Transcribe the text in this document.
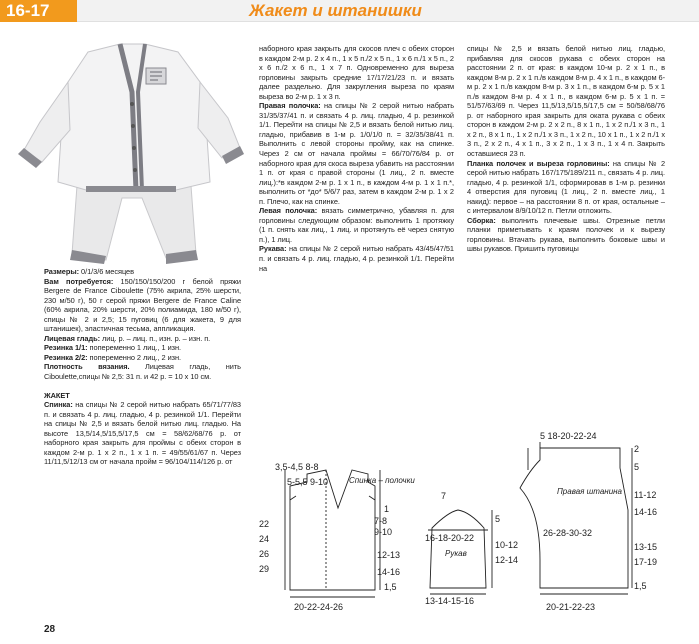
16-17	Жакет и штанишки

Размеры: 0/1/3/6 месяцев

Вам потребуется: 150/150/150/200 г белой пряжи Bergere de France Ciboulette (75% акрила, 25% шерсти, 230 м/50 г), 50 г серой пряжи Bergere de France Caline (60% акрила, 20% шерсти, 20% полиамида, 180 м/50 г), спицы № 2 и 2,5; 15 пуговиц (6 для жакета, 9 для штанишек), эластичная тесьма, аппликация.

Лицевая гладь: лиц. р. – лиц. п., изн. р. – изн. п.

Резинка 1/1: попеременно 1 лиц., 1 изн.

Резинка 2/2: попеременно 2 лиц., 2 изн.

Плотность вязания. Лицевая гладь, нить Ciboulette,спицы № 2,5: 31 п. и 42 р. = 10 х 10 см.

ЖАКЕТ

Спинка: на спицы № 2 серой нитью набрать 65/71/77/83 п. и связать 4 р. лиц. гладью, 4 р. резинкой 1/1. Перейти на спицы № 2,5 и вязать белой нитью лиц. гладью. На высоте 13,5/14,5/15,5/17,5 см = 58/62/68/76 р. от наборного края закрыть для проймы с обеих сторон в каждом 2-м р. 1 х 2 п., 1 х 1 п. = 49/55/61/67 п. Через 11/11,5/12/13 см от начала пройм = 96/104/114/126 р. от

наборного края закрыть для скосов плеч с обеих сторон в каждом 2-м р. 2 х 4 п., 1 х 5 п./2 х 5 п., 1 х 6 п./1 х 5 п., 2 х 6 п./2 х 6 п., 1 х 7 п. Одновременно для выреза горловины закрыть средние 17/17/21/23 п. и вязать далее раздельно. Для закругления выреза по краям выреза во 2-м р. 1 х 3 п.

Правая полочка: на спицы № 2 серой нитью набрать 31/35/37/41 п. и связать 4 р. лиц. гладью, 4 р. резинкой 1/1. Перейти на спицы № 2,5 и вязать белой нитью лиц. гладью, прибавив в 1-м р. 1/0/1/0 п. = 32/35/38/41 п. Выполнить с левой стороны пройму, как на спинке. Через 2 см от начала проймы = 66/70/76/84 р. от наборного края для скоса выреза убавить на расстоянии 1 п. от края с правой стороны (1 лиц., 2 п. вместе лиц.):*в каждом 2-м р. 1 х 1 п., в каждом 4-м р. 1 х 1 п.*, выполнить от *до* 5/6/7 раз, затем в каждом 2-м р. 1 х 2 п. Плечо, как на спинке.

Левая полочка: вязать симметрично, убавляя п. для горловины следующим образом: выполнить 1 протяжку (1 п. снять как лиц., 1 лиц. и протянуть её через снятую п.), 1 лиц.

Рукава: на спицы № 2 серой нитью набрать 43/45/47/51 п. и связать 4 р. лиц. гладью, 4 р. резинкой 1/1. Перейти на

спицы № 2,5 и вязать белой нитью лиц. гладью, прибавляя для скосов рукава с обеих сторон на расстоянии 2 п. от края: в каждом 10-м р. 2 х 1 п., в каждом 8-м р. 2 х 1 п./в каждом 8-м р. 4 х 1 п., в каждом 6-м р. 2 х 1 п./в каждом 8-м р. 3 х 1 п., в каждом 6-м р. 5 х 1 п./в каждом 8-м р. 4 х 1 п., в каждом 6-м р. 5 х 1 п. = 51/57/63/69 п. Через 11,5/13,5/15,5/17,5 см = 50/58/68/76 р. от наборного края закрыть для оката рукава с обеих сторон в каждом 2-м р. 2 х 2 п., 8 х 1 п., 1 х 2 п./1 х 3 п., 1 х 2 п., 8 х 1 п., 1 х 2 п./1 х 3 п., 1 х 2 п., 10 х 1 п., 1 х 2 п./1 х 3 п., 2 х 2 п., 4 х 1 п., 3 х 2 п., 1 х 3 п., 1 х 4 п. Закрыть оставшиеся 23 п.

Планка полочек и выреза горловины: на спицы № 2 серой нитью набрать 167/175/189/211 п., связать 4 р. лиц. гладью, 4 р. резинкой 1/1, сформировав в 1-м р. резинки 4 отверстия для пуговиц (1 лиц., 2 п. вместе лиц., 1 накид): первое – на расстоянии 8 п. от края, остальные – с интервалом 8/9/10/12 п. Петли отложить.

Сборка: выполнить плечевые швы. Отрезные петли планки приметывать к краям полочек и к вырезу горловины. Втачать рукава, выполнить боковые швы и швы рукавов. Пришить пуговицы

28
3,5-4,5 8-8
5-5,5 9-10	Спинка – полочки
22
24
26
29
1
7-8
9-10
12-13
14-16
1,5
20-22-24-26
7
16-18-20-22
Рукав
5
10-12
12-14
13-14-15-16
5 18-20-22-24
Правая штанина
26-28-30-32
2
5
11-12
14-16
13-15
17-19
1,5
20-21-22-23
